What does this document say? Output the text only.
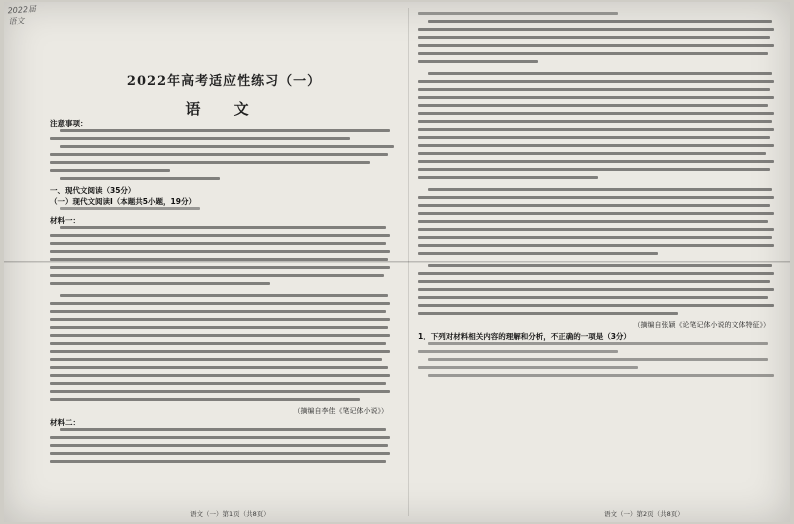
2022届
语文
2022年高考适应性练习（一）
语 文
注意事项：
一、现代文阅读（35分）
（一）现代文阅读Ⅰ（本题共5小题，19分）
材料一：
（摘编自李佳《笔记体小说》）
材料二：
（摘编自张颖《论笔记体小说的文体特征》）
1．下列对材料相关内容的理解和分析，不正确的一项是（3分）
语文（一）第1页（共8页）	语文（一）第2页（共8页）
